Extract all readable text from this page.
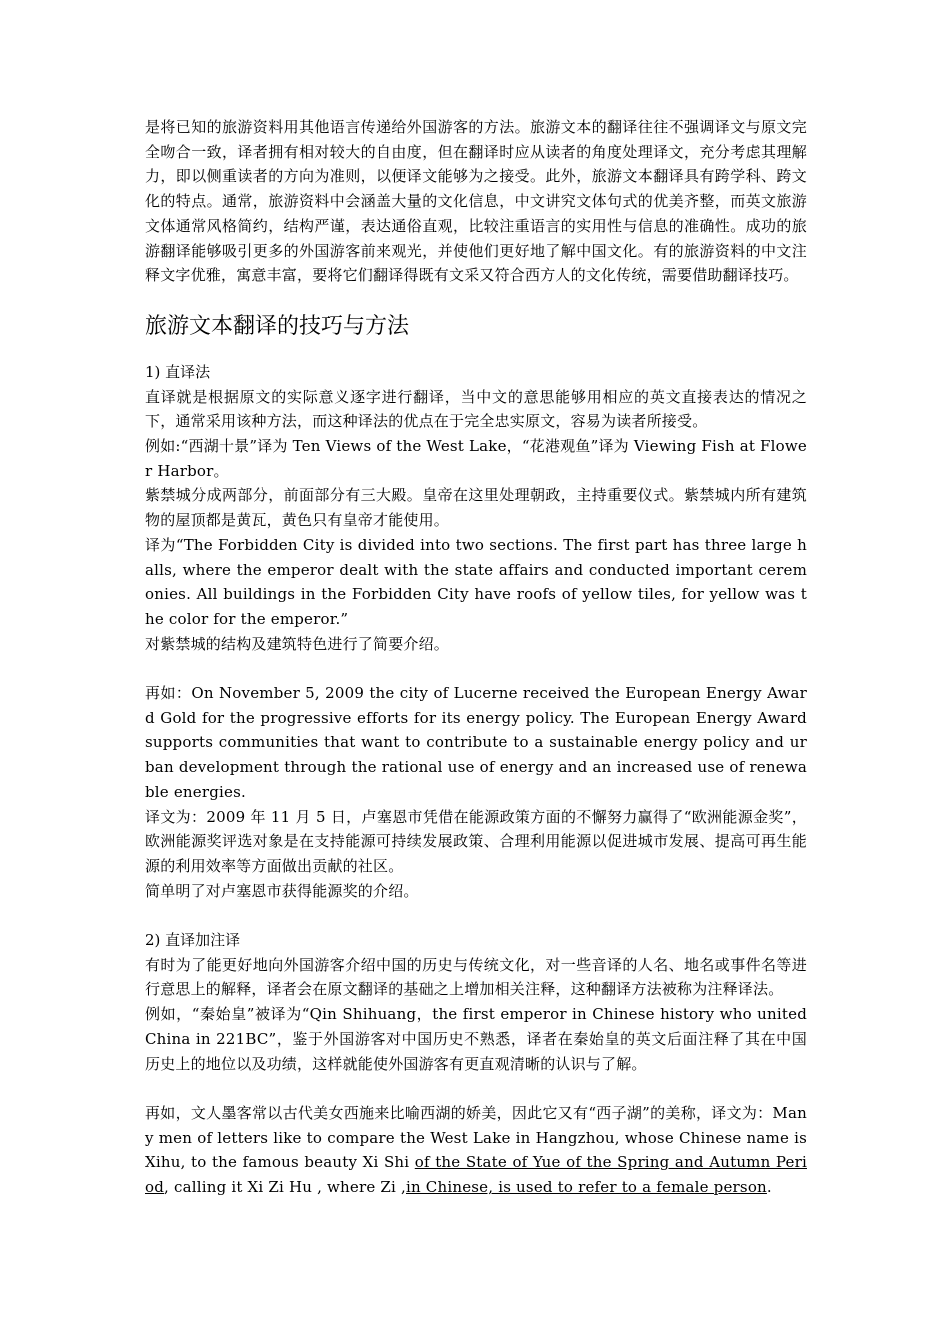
是将已知的旅游资料用其他语言传递给外国游客的方法。旅游文本的翻译往往不强调译文与原文完全吻合一致，译者拥有相对较大的自由度，但在翻译时应从读者的角度处理译文，充分考虑其理解力，即以侧重读者的方向为准则，以便译文能够为之接受。此外，旅游文本翻译具有跨学科、跨文化的特点。通常，旅游资料中会涵盖大量的文化信息，中文讲究文体句式的优美齐整，而英文旅游文体通常风格简约，结构严谨，表达通俗直观，比较注重语言的实用性与信息的准确性。成功的旅游翻译能够吸引更多的外国游客前来观光，并使他们更好地了解中国文化。有的旅游资料的中文注释文字优雅，寓意丰富，要将它们翻译得既有文采又符合西方人的文化传统，需要借助翻译技巧。

旅游文本翻译的技巧与方法

1) 直译法

直译就是根据原文的实际意义逐字进行翻译，当中文的意思能够用相应的英文直接表达的情况之下，通常采用该种方法，而这种译法的优点在于完全忠实原文，容易为读者所接受。

例如:“西湖十景”译为 Ten Views of the West Lake，“花港观鱼”译为 Viewing Fish at Flower Harbor。

紫禁城分成两部分，前面部分有三大殿。皇帝在这里处理朝政，主持重要仪式。紫禁城内所有建筑物的屋顶都是黄瓦，黄色只有皇帝才能使用。

译为“The Forbidden City is divided into two sections. The first part has three large halls, where the emperor dealt with the state affairs and conducted important ceremonies. All buildings in the Forbidden City have roofs of yellow tiles, for yellow was the color for the emperor.”

对紫禁城的结构及建筑特色进行了简要介绍。

再如：On November 5, 2009 the city of Lucerne received the European Energy Award Gold for the progressive efforts for its energy policy. The European Energy Award supports communities that want to contribute to a sustainable energy policy and urban development through the rational use of energy and an increased use of renewable energies.

译文为：2009 年 11 月 5 日，卢塞恩市凭借在能源政策方面的不懈努力赢得了“欧洲能源金奖”，欧洲能源奖评选对象是在支持能源可持续发展政策、合理利用能源以促进城市发展、提高可再生能源的利用效率等方面做出贡献的社区。

简单明了对卢塞恩市获得能源奖的介绍。

2) 直译加注译

有时为了能更好地向外国游客介绍中国的历史与传统文化，对一些音译的人名、地名或事件名等进行意思上的解释，译者会在原文翻译的基础之上增加相关注释，这种翻译方法被称为注释译法。

例如，“秦始皇”被译为“Qin Shihuang，the first emperor in Chinese history who united China in 221BC”，鉴于外国游客对中国历史不熟悉，译者在秦始皇的英文后面注释了其在中国历史上的地位以及功绩，这样就能使外国游客有更直观清晰的认识与了解。

再如，文人墨客常以古代美女西施来比喻西湖的娇美，因此它又有“西子湖”的美称，译文为：Many men of letters like to compare the West Lake in Hangzhou, whose Chinese name is Xihu, to the famous beauty Xi Shi of the State of Yue of the Spring and Autumn Period, calling it Xi Zi Hu , where Zi ,in Chinese, is used to refer to a female person.
